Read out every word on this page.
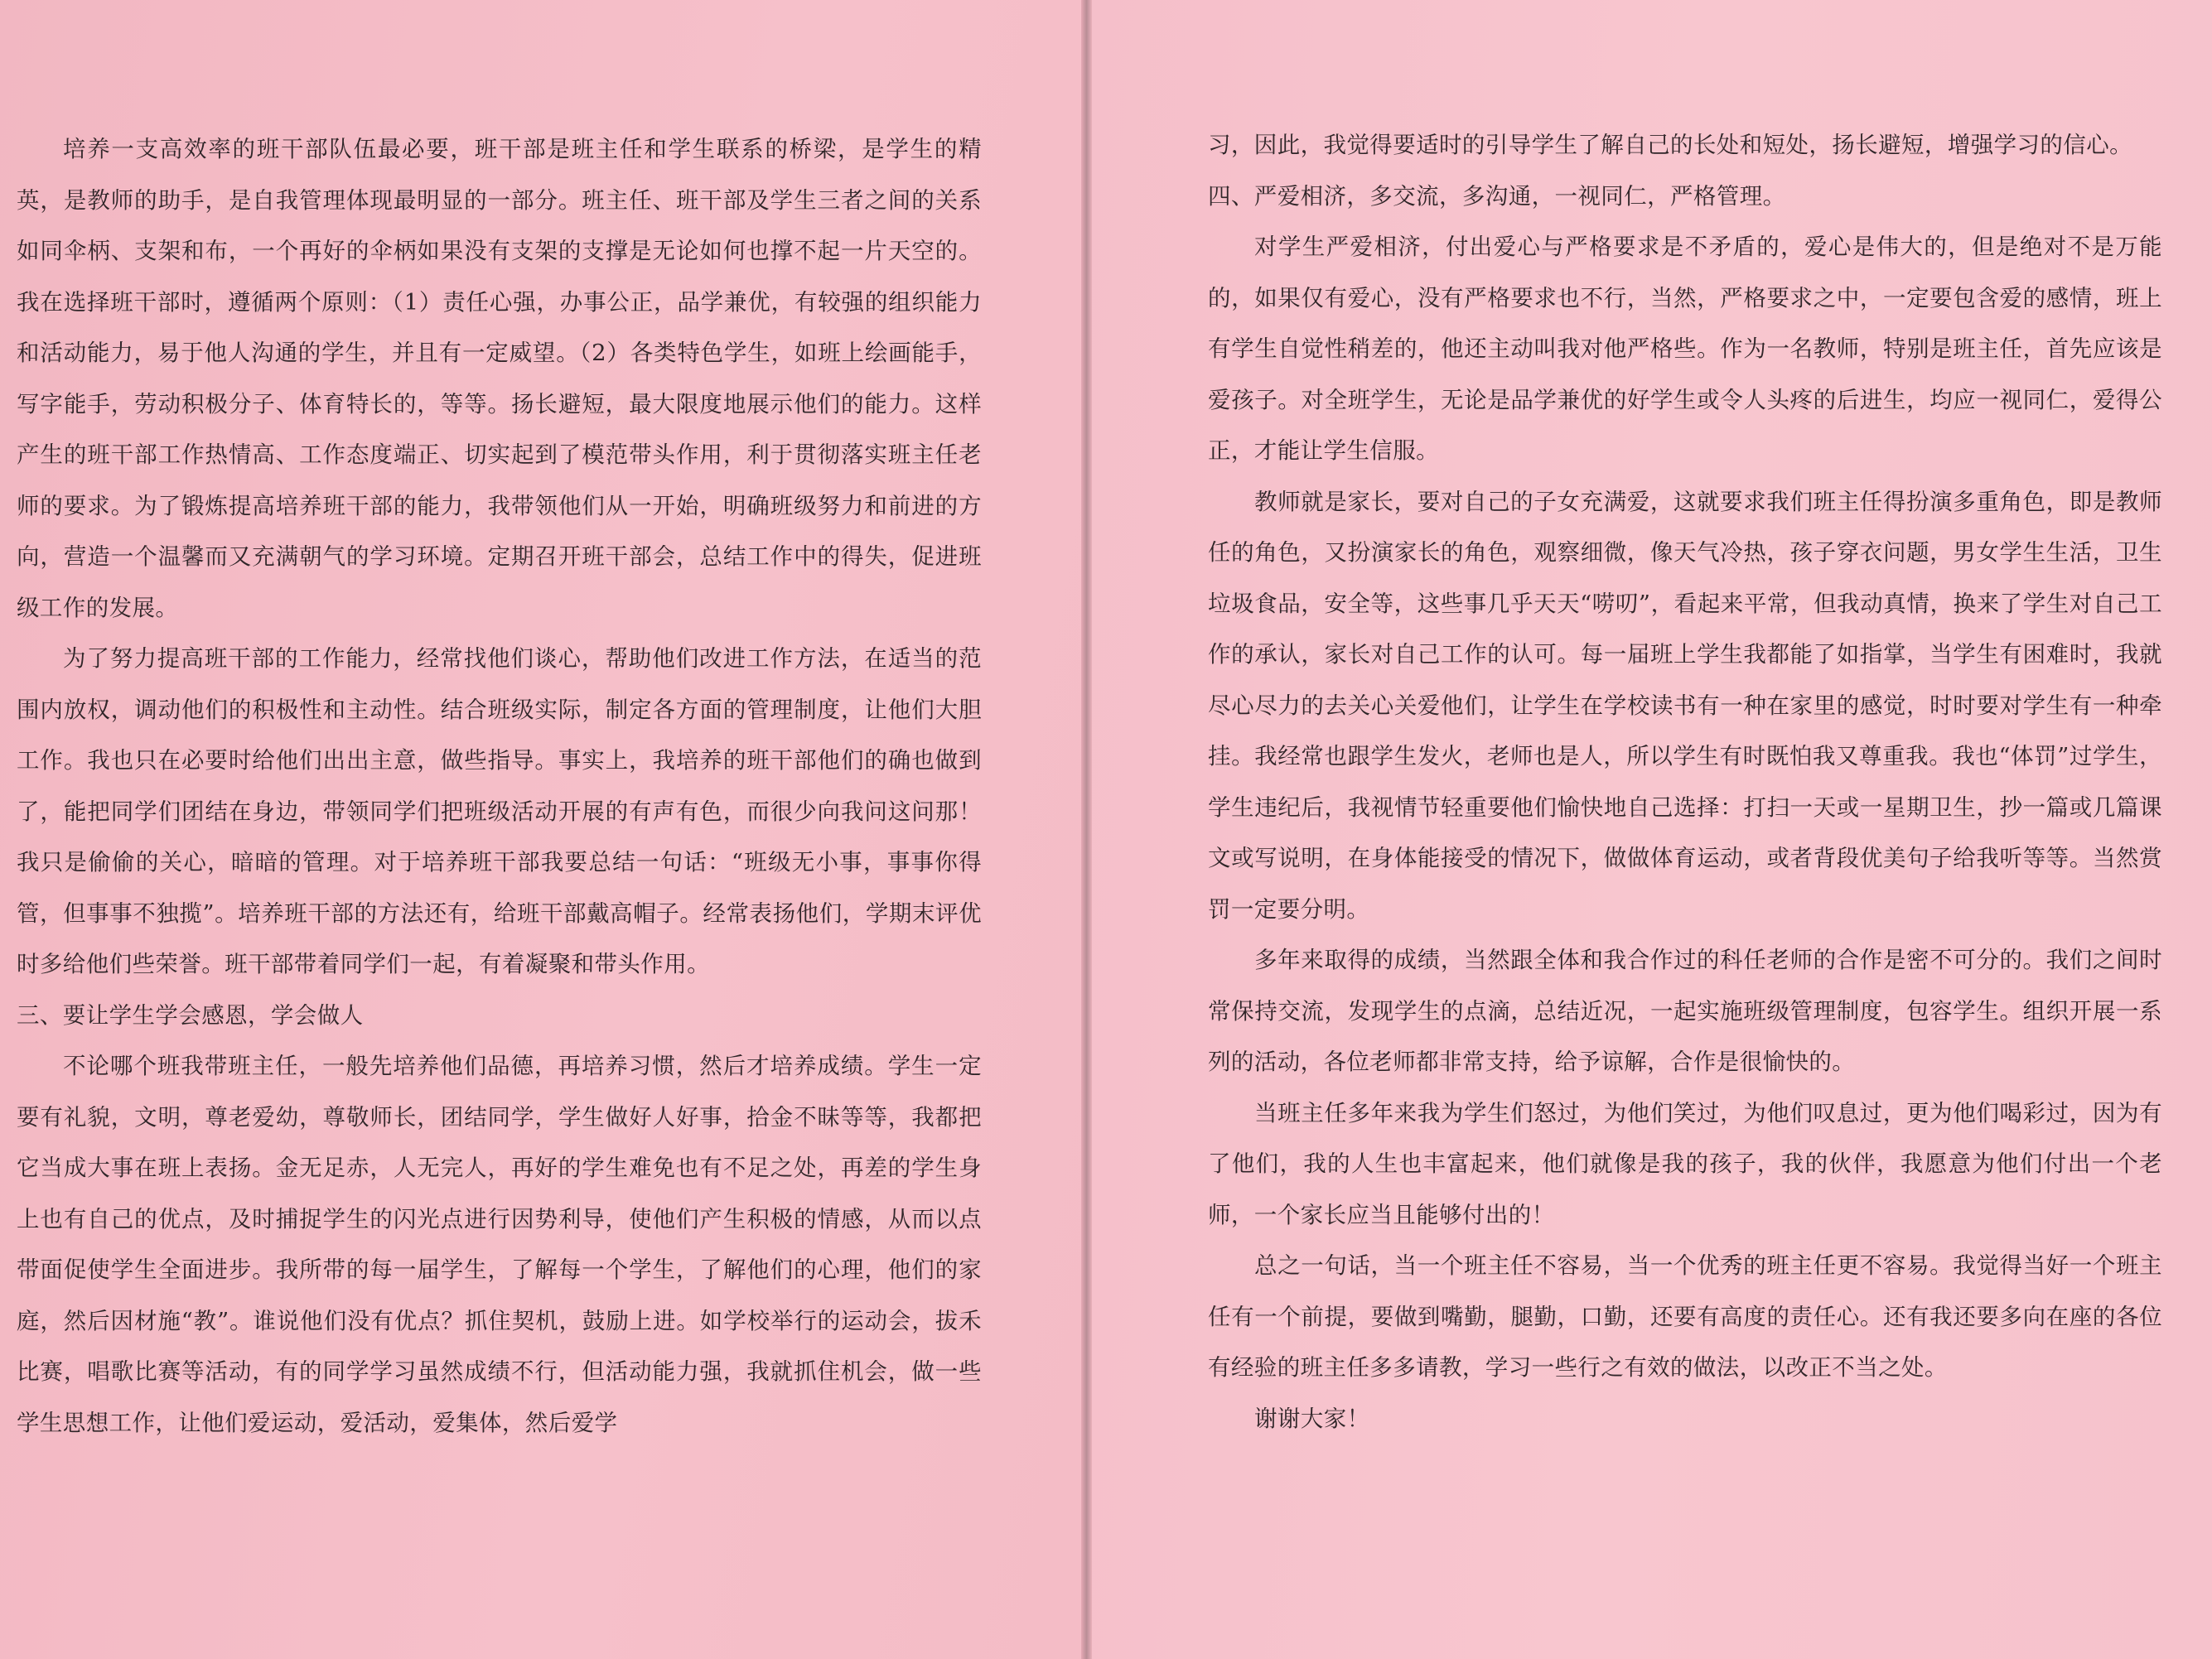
培养一支高效率的班干部队伍最必要，班干部是班主任和学生联系的桥梁，是学生的精英，是教师的助手，是自我管理体现最明显的一部分。班主任、班干部及学生三者之间的关系如同伞柄、支架和布，一个再好的伞柄如果没有支架的支撑是无论如何也撑不起一片天空的。我在选择班干部时，遵循两个原则：（1）责任心强，办事公正，品学兼优，有较强的组织能力和活动能力，易于他人沟通的学生，并且有一定威望。（2）各类特色学生，如班上绘画能手，写字能手，劳动积极分子、体育特长的，等等。扬长避短，最大限度地展示他们的能力。这样产生的班干部工作热情高、工作态度端正、切实起到了模范带头作用，利于贯彻落实班主任老师的要求。为了锻炼提高培养班干部的能力，我带领他们从一开始，明确班级努力和前进的方向，营造一个温馨而又充满朝气的学习环境。定期召开班干部会，总结工作中的得失，促进班级工作的发展。

为了努力提高班干部的工作能力，经常找他们谈心，帮助他们改进工作方法，在适当的范围内放权，调动他们的积极性和主动性。结合班级实际，制定各方面的管理制度，让他们大胆工作。我也只在必要时给他们出出主意，做些指导。事实上，我培养的班干部他们的确也做到了，能把同学们团结在身边，带领同学们把班级活动开展的有声有色，而很少向我问这问那！我只是偷偷的关心，暗暗的管理。对于培养班干部我要总结一句话：“班级无小事，事事你得管，但事事不独揽”。培养班干部的方法还有，给班干部戴高帽子。经常表扬他们，学期末评优时多给他们些荣誉。班干部带着同学们一起，有着凝聚和带头作用。

三、要让学生学会感恩，学会做人

不论哪个班我带班主任，一般先培养他们品德，再培养习惯，然后才培养成绩。学生一定要有礼貌，文明，尊老爱幼，尊敬师长，团结同学，学生做好人好事，拾金不昧等等，我都把它当成大事在班上表扬。金无足赤，人无完人，再好的学生难免也有不足之处，再差的学生身上也有自己的优点，及时捕捉学生的闪光点进行因势利导，使他们产生积极的情感，从而以点带面促使学生全面进步。我所带的每一届学生，了解每一个学生，了解他们的心理，他们的家庭，然后因材施“教”。谁说他们没有优点？抓住契机，鼓励上进。如学校举行的运动会，拔禾比赛，唱歌比赛等活动，有的同学学习虽然成绩不行，但活动能力强，我就抓住机会，做一些学生思想工作，让他们爱运动，爱活动，爱集体，然后爱学

习，因此，我觉得要适时的引导学生了解自己的长处和短处，扬长避短，增强学习的信心。

四、严爱相济，多交流，多沟通，一视同仁，严格管理。

对学生严爱相济，付出爱心与严格要求是不矛盾的，爱心是伟大的，但是绝对不是万能的，如果仅有爱心，没有严格要求也不行，当然，严格要求之中，一定要包含爱的感情，班上有学生自觉性稍差的，他还主动叫我对他严格些。作为一名教师，特别是班主任，首先应该是爱孩子。对全班学生，无论是品学兼优的好学生或令人头疼的后进生，均应一视同仁，爱得公正，才能让学生信服。

教师就是家长，要对自己的子女充满爱，这就要求我们班主任得扮演多重角色，即是教师任的角色，又扮演家长的角色，观察细微，像天气冷热，孩子穿衣问题，男女学生生活，卫生垃圾食品，安全等，这些事几乎天天“唠叨”，看起来平常，但我动真情，换来了学生对自己工作的承认，家长对自己工作的认可。每一届班上学生我都能了如指掌，当学生有困难时，我就尽心尽力的去关心关爱他们，让学生在学校读书有一种在家里的感觉，时时要对学生有一种牵挂。我经常也跟学生发火，老师也是人，所以学生有时既怕我又尊重我。我也“体罚”过学生，学生违纪后，我视情节轻重要他们愉快地自己选择：打扫一天或一星期卫生，抄一篇或几篇课文或写说明，在身体能接受的情况下，做做体育运动，或者背段优美句子给我听等等。当然赏罚一定要分明。

多年来取得的成绩，当然跟全体和我合作过的科任老师的合作是密不可分的。我们之间时常保持交流，发现学生的点滴，总结近况，一起实施班级管理制度，包容学生。组织开展一系列的活动，各位老师都非常支持，给予谅解，合作是很愉快的。

当班主任多年来我为学生们怒过，为他们笑过，为他们叹息过，更为他们喝彩过，因为有了他们，我的人生也丰富起来，他们就像是我的孩子，我的伙伴，我愿意为他们付出一个老师，一个家长应当且能够付出的！

总之一句话，当一个班主任不容易，当一个优秀的班主任更不容易。我觉得当好一个班主任有一个前提，要做到嘴勤，腿勤，口勤，还要有高度的责任心。还有我还要多向在座的各位有经验的班主任多多请教，学习一些行之有效的做法，以改正不当之处。

谢谢大家！
